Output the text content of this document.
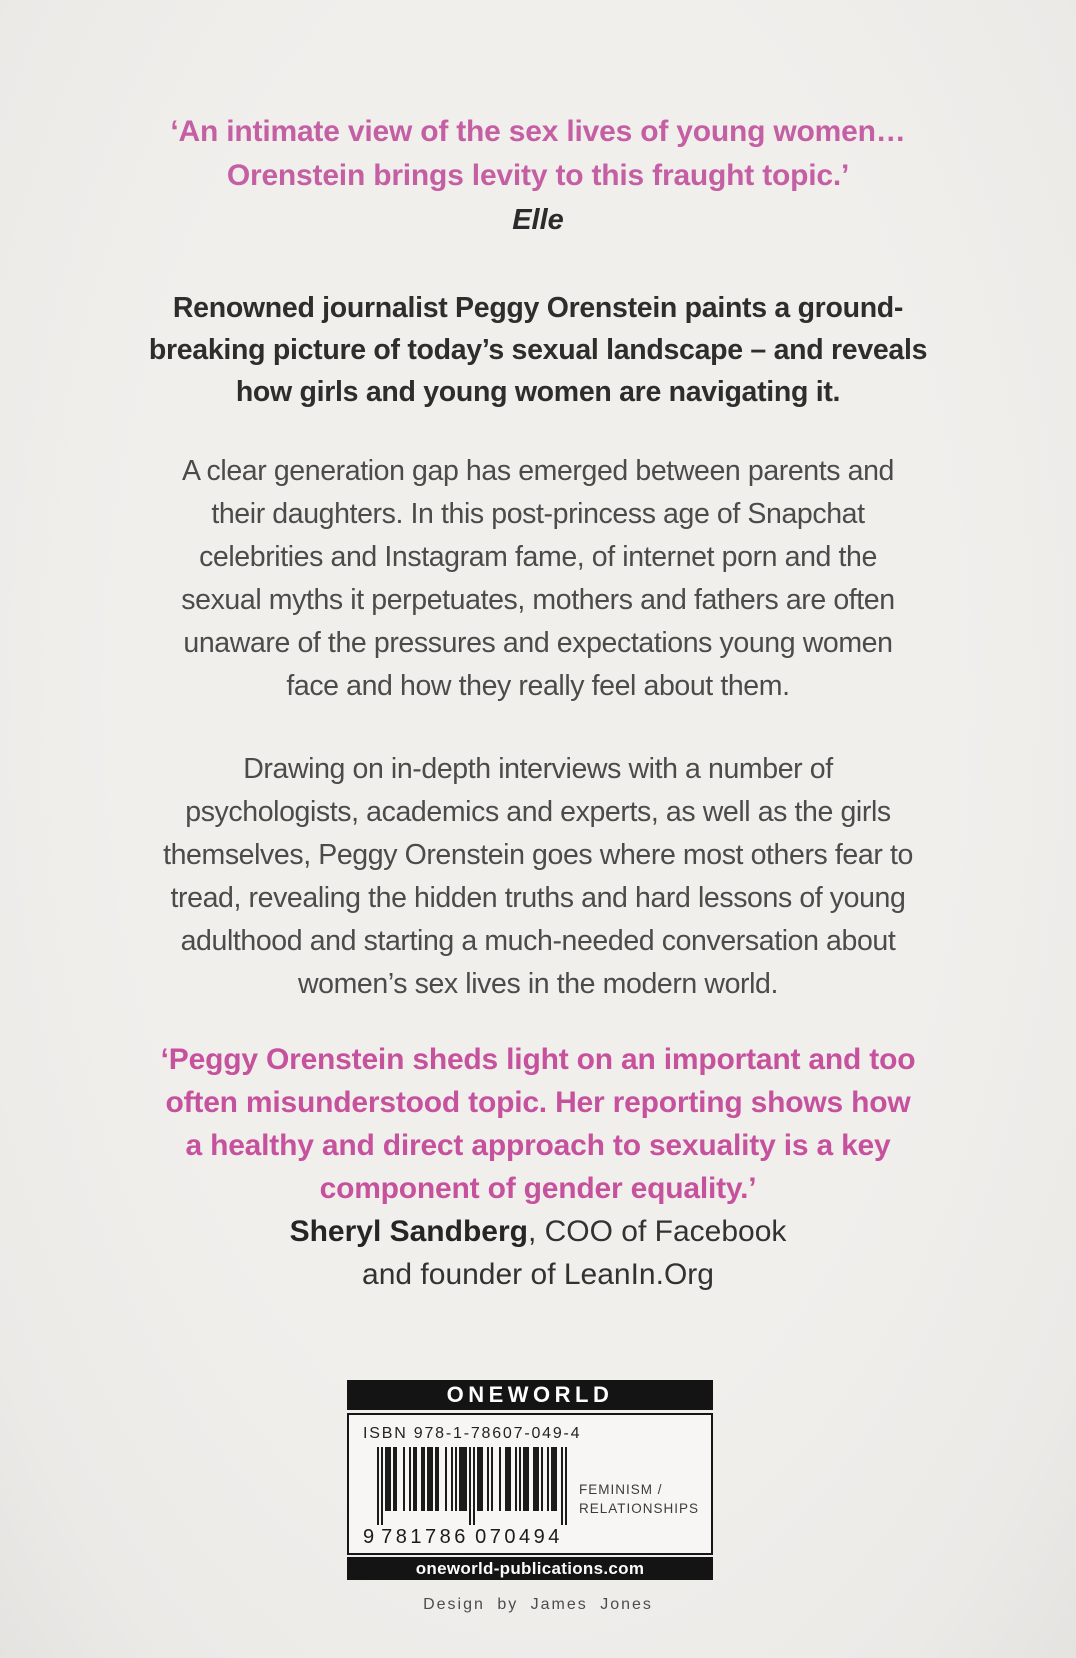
‘An intimate view of the sex lives of young women…
Orenstein brings levity to this fraught topic.’
Elle
Renowned journalist Peggy Orenstein paints a ground-
breaking picture of today’s sexual landscape – and reveals
how girls and young women are navigating it.
A clear generation gap has emerged between parents and
their daughters. In this post-princess age of Snapchat
celebrities and Instagram fame, of internet porn and the
sexual myths it perpetuates, mothers and fathers are often
unaware of the pressures and expectations young women
face and how they really feel about them.
Drawing on in-depth interviews with a number of
psychologists, academics and experts, as well as the girls
themselves, Peggy Orenstein goes where most others fear to
tread, revealing the hidden truths and hard lessons of young
adulthood and starting a much-needed conversation about
women’s sex lives in the modern world.
‘Peggy Orenstein sheds light on an important and too
often misunderstood topic. Her reporting shows how
a healthy and direct approach to sexuality is a key
component of gender equality.’
Sheryl Sandberg, COO of Facebook
and founder of LeanIn.Org
ONEWORLD
ISBN 978-1-78607-049-4
9 781786 070494
FEMINISM /
RELATIONSHIPS
oneworld-publications.com
Design by James Jones
